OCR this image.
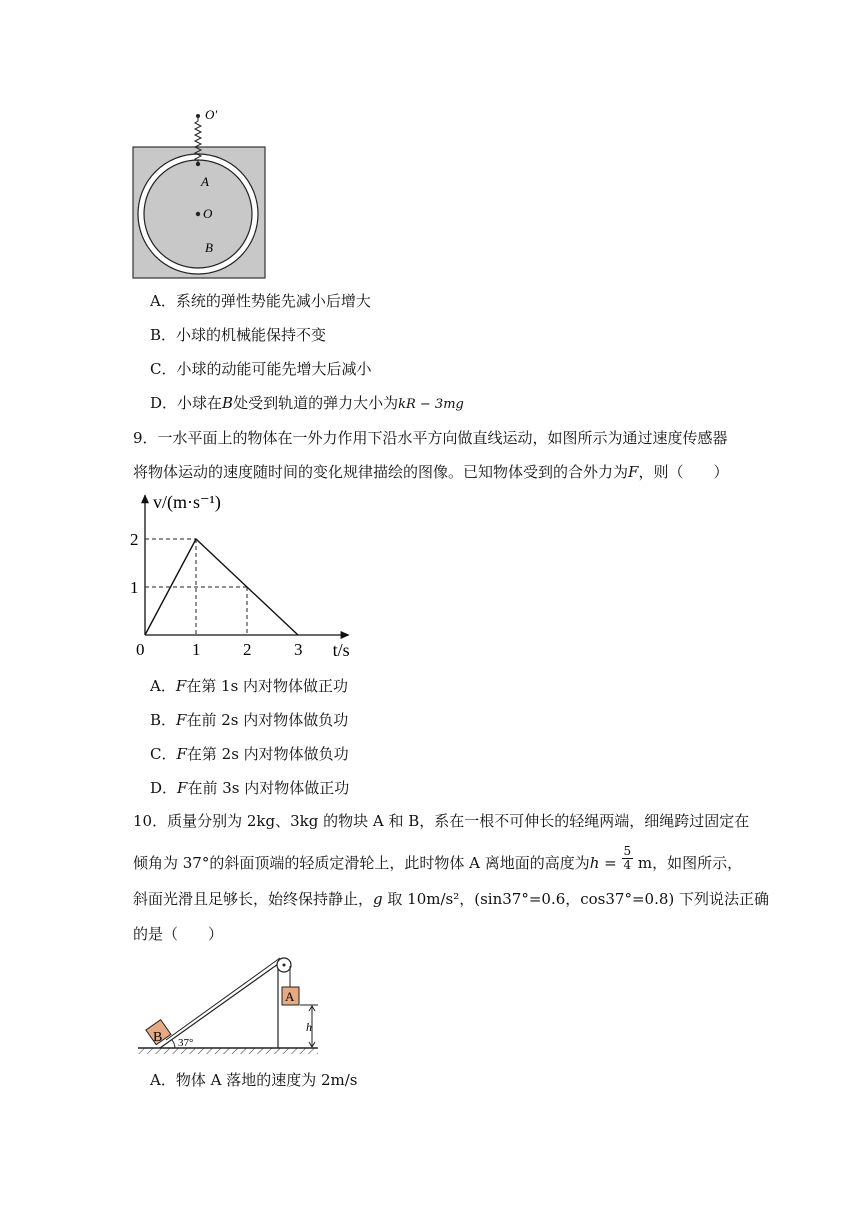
O′
A
O
B
A．系统的弹性势能先减小后增大
B．小球的机械能保持不变
C．小球的动能可能先增大后减小
D．小球在B处受到轨道的弹力大小为kR − 3mg
9．一水平面上的物体在一外力作用下沿水平方向做直线运动，如图所示为通过速度传感器
将物体运动的速度随时间的变化规律描绘的图像。已知物体受到的合外力为F，则（　　）
0	1	2	3
1
2
t/s
v/(m·s⁻¹)
A．F在第 1s 内对物体做正功
B．F在前 2s 内对物体做负功
C．F在第 2s 内对物体做负功
D．F在前 3s 内对物体做正功
10．质量分别为 2kg、3kg 的物块 A 和 B，系在一根不可伸长的轻绳两端，细绳跨过固定在
倾角为 37°的斜面顶端的轻质定滑轮上，此时物体 A 离地面的高度为$h = \frac{5}{4}$ m，如图所示，
斜面光滑且足够长，始终保持静止，g 取 10m/s²，(sin37°=0.6，cos37°=0.8) 下列说法正确
的是（　　）
A
B 37°
h
A．物体 A 落地的速度为 2m/s
